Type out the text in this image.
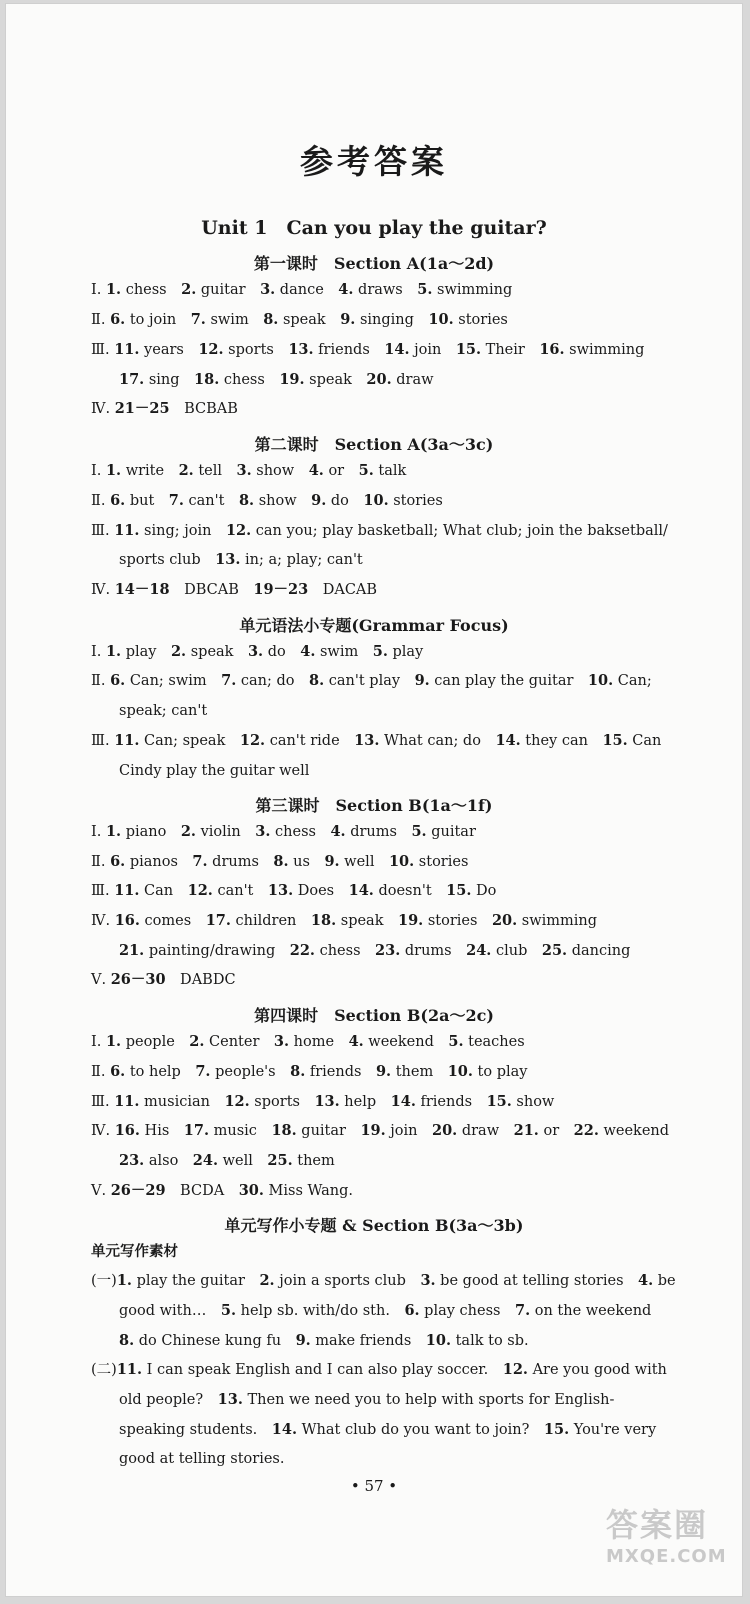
参考答案
Unit 1　Can you play the guitar?
第一课时　Section A(1a～2d)
Ⅰ. 1. chess　2. guitar　3. dance　4. draws　5. swimming
Ⅱ. 6. to join　7. swim　8. speak　9. singing　10. stories
Ⅲ. 11. years　12. sports　13. friends　14. join　15. Their　16. swimming
17. sing　18. chess　19. speak　20. draw
Ⅳ. 21－25　BCBAB
第二课时　Section A(3a～3c)
Ⅰ. 1. write　2. tell　3. show　4. or　5. talk
Ⅱ. 6. but　7. can't　8. show　9. do　10. stories
Ⅲ. 11. sing; join　12. can you; play basketball; What club; join the baksetball/
sports club　13. in; a; play; can't
Ⅳ. 14－18　DBCAB　19－23　DACAB
单元语法小专题(Grammar Focus)
Ⅰ. 1. play　2. speak　3. do　4. swim　5. play
Ⅱ. 6. Can; swim　7. can; do　8. can't play　9. can play the guitar　10. Can;
speak; can't
Ⅲ. 11. Can; speak　12. can't ride　13. What can; do　14. they can　15. Can
Cindy play the guitar well
第三课时　Section B(1a～1f)
Ⅰ. 1. piano　2. violin　3. chess　4. drums　5. guitar
Ⅱ. 6. pianos　7. drums　8. us　9. well　10. stories
Ⅲ. 11. Can　12. can't　13. Does　14. doesn't　15. Do
Ⅳ. 16. comes　17. children　18. speak　19. stories　20. swimming
21. painting/drawing　22. chess　23. drums　24. club　25. dancing
Ⅴ. 26－30　DABDC
第四课时　Section B(2a～2c)
Ⅰ. 1. people　2. Center　3. home　4. weekend　5. teaches
Ⅱ. 6. to help　7. people's　8. friends　9. them　10. to play
Ⅲ. 11. musician　12. sports　13. help　14. friends　15. show
Ⅳ. 16. His　17. music　18. guitar　19. join　20. draw　21. or　22. weekend
23. also　24. well　25. them
Ⅴ. 26－29　BCDA　30. Miss Wang.
单元写作小专题 & Section B(3a～3b)
单元写作素材
(一)1. play the guitar　2. join a sports club　3. be good at telling stories　4. be
good with…　5. help sb. with/do sth.　6. play chess　7. on the weekend
8. do Chinese kung fu　9. make friends　10. talk to sb.
(二)11. I can speak English and I can also play soccer.　12. Are you good with
old people?　13. Then we need you to help with sports for English-
speaking students.　14. What club do you want to join?　15. You're very
good at telling stories.
• 57 •
答案圈
MXQE.COM
